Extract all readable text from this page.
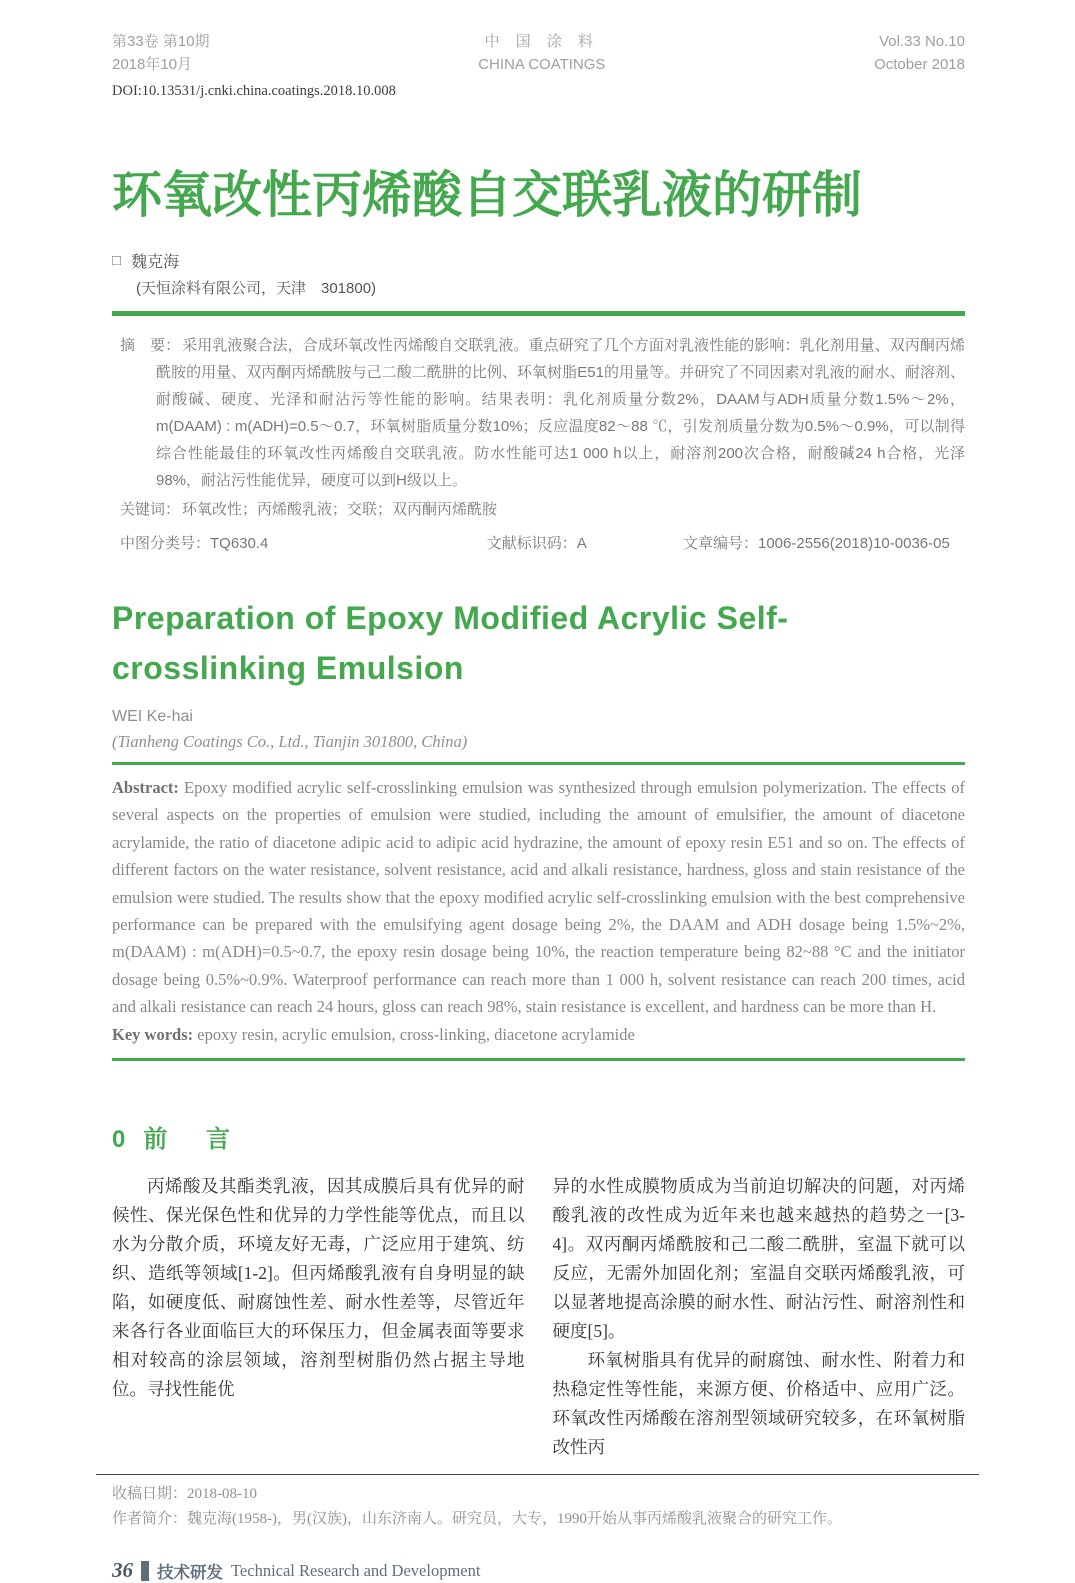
第33卷 第10期
2018年10月
中 国 涂 料
CHINA COATINGS
Vol.33 No.10
October 2018
DOI:10.13531/j.cnki.china.coatings.2018.10.008
环氧改性丙烯酸自交联乳液的研制
□ 魏克海
(天恒涂料有限公司，天津　301800)

摘　要： 采用乳液聚合法，合成环氧改性丙烯酸自交联乳液。重点研究了几个方面对乳液性能的影响：乳化剂用量、双丙酮丙烯酰胺的用量、双丙酮丙烯酰胺与己二酸二酰肼的比例、环氧树脂E51的用量等。并研究了不同因素对乳液的耐水、耐溶剂、耐酸碱、硬度、光泽和耐沾污等性能的影响。结果表明：乳化剂质量分数2%，DAAM与ADH质量分数1.5%～2%，m(DAAM) : m(ADH)=0.5～0.7，环氧树脂质量分数10%；反应温度82～88 ℃，引发剂质量分数为0.5%～0.9%，可以制得综合性能最佳的环氧改性丙烯酸自交联乳液。防水性能可达1 000 h以上，耐溶剂200次合格，耐酸碱24 h合格，光泽98%，耐沾污性能优异，硬度可以到H级以上。

关键词： 环氧改性；丙烯酸乳液；交联；双丙酮丙烯酰胺

中图分类号：TQ630.4	文献标识码：A	文章编号：1006-2556(2018)10-0036-05
Preparation of Epoxy Modified Acrylic Self-crosslinking Emulsion
WEI Ke-hai
(Tianheng Coatings Co., Ltd., Tianjin 301800, China)

Abstract: Epoxy modified acrylic self-crosslinking emulsion was synthesized through emulsion polymerization. The effects of several aspects on the properties of emulsion were studied, including the amount of emulsifier, the amount of diacetone acrylamide, the ratio of diacetone adipic acid to adipic acid hydrazine, the amount of epoxy resin E51 and so on. The effects of different factors on the water resistance, solvent resistance, acid and alkali resistance, hardness, gloss and stain resistance of the emulsion were studied. The results show that the epoxy modified acrylic self-crosslinking emulsion with the best comprehensive performance can be prepared with the emulsifying agent dosage being 2%, the DAAM and ADH dosage being 1.5%~2%, m(DAAM) : m(ADH)=0.5~0.7, the epoxy resin dosage being 10%, the reaction temperature being 82~88 °C and the initiator dosage being 0.5%~0.9%. Waterproof performance can reach more than 1 000 h, solvent resistance can reach 200 times, acid and alkali resistance can reach 24 hours, gloss can reach 98%, stain resistance is excellent, and hardness can be more than H.

Key words: epoxy resin, acrylic emulsion, cross-linking, diacetone acrylamide

0 前 言

丙烯酸及其酯类乳液，因其成膜后具有优异的耐候性、保光保色性和优异的力学性能等优点，而且以水为分散介质，环境友好无毒，广泛应用于建筑、纺织、造纸等领域[1-2]。但丙烯酸乳液有自身明显的缺陷，如硬度低、耐腐蚀性差、耐水性差等，尽管近年来各行各业面临巨大的环保压力，但金属表面等要求相对较高的涂层领域，溶剂型树脂仍然占据主导地位。寻找性能优

异的水性成膜物质成为当前迫切解决的问题，对丙烯酸乳液的改性成为近年来也越来越热的趋势之一[3-4]。双丙酮丙烯酰胺和己二酸二酰肼，室温下就可以反应，无需外加固化剂；室温自交联丙烯酸乳液，可以显著地提高涂膜的耐水性、耐沾污性、耐溶剂性和硬度[5]。

环氧树脂具有优异的耐腐蚀、耐水性、附着力和热稳定性等性能，来源方便、价格适中、应用广泛。环氧改性丙烯酸在溶剂型领域研究较多，在环氧树脂改性丙

收稿日期：2018-08-10
作者简介：魏克海(1958-)，男(汉族)，山东济南人。研究员，大专，1990开始从事丙烯酸乳液聚合的研究工作。
36 技术研发 Technical Research and Development
